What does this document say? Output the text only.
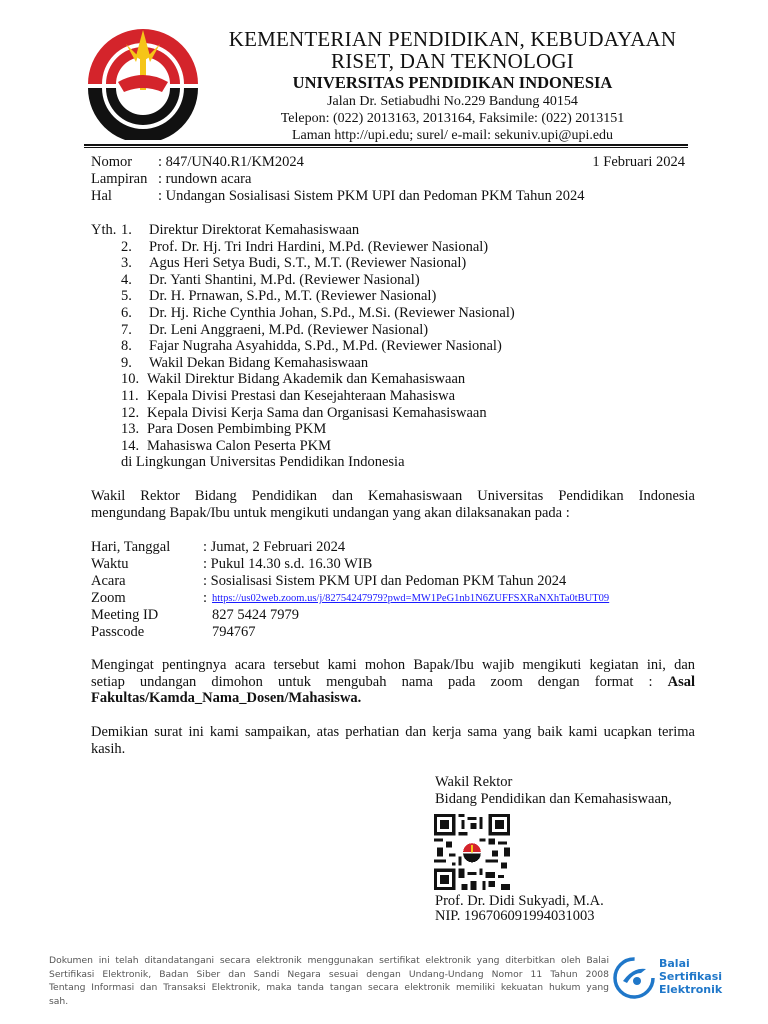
KEMENTERIAN PENDIDIKAN, KEBUDAYAAN
RISET, DAN TEKNOLOGI
UNIVERSITAS PENDIDIKAN INDONESIA
Jalan Dr. Setiabudhi No.229 Bandung 40154
Telepon: (022) 2013163, 2013164, Faksimile: (022) 2013151
Laman http://upi.edu; surel/ e-mail: sekuniv.upi@upi.edu
Nomor : 847/UN40.R1/KM2024	1 Februari 2024
Lampiran : rundown acara
Hal	: Undangan Sosialisasi Sistem PKM UPI dan Pedoman PKM Tahun 2024
Yth. 1.	Direktur Direktorat Kemahasiswaan
2.	Prof. Dr. Hj. Tri Indri Hardini, M.Pd. (Reviewer Nasional)
3.	Agus Heri Setya Budi, S.T., M.T. (Reviewer Nasional)
4.	Dr. Yanti Shantini, M.Pd. (Reviewer Nasional)
5.	Dr. H. Prnawan, S.Pd., M.T. (Reviewer Nasional)
6.	Dr. Hj. Riche Cynthia Johan, S.Pd., M.Si. (Reviewer Nasional)
7.	Dr. Leni Anggraeni, M.Pd. (Reviewer Nasional)
8.	Fajar Nugraha Asyahidda, S.Pd., M.Pd. (Reviewer Nasional)
9.	Wakil Dekan Bidang Kemahasiswaan
10. Wakil Direktur Bidang Akademik dan Kemahasiswaan
11. Kepala Divisi Prestasi dan Kesejahteraan Mahasiswa
12. Kepala Divisi Kerja Sama dan Organisasi Kemahasiswaan
13. Para Dosen Pembimbing PKM
14. Mahasiswa Calon Peserta PKM
di Lingkungan Universitas Pendidikan Indonesia
Wakil Rektor Bidang Pendidikan dan Kemahasiswaan Universitas Pendidikan Indonesia
mengundang Bapak/Ibu untuk mengikuti undangan yang akan dilaksanakan pada :
Hari, Tanggal : Jumat, 2 Februari 2024
Waktu	: Pukul 14.30 s.d. 16.30 WIB
Acara	: Sosialisasi Sistem PKM UPI dan Pedoman PKM Tahun 2024
Zoom	: https://us02web.zoom.us/j/82754247979?pwd=MW1PeG1nb1N6ZUFFSXRaNXhTa0tBUT09
Meeting ID	827 5424 7979
Passcode	794767
Mengingat pentingnya acara tersebut kami mohon Bapak/Ibu wajib mengikuti kegiatan ini, dan
setiap undangan dimohon untuk mengubah nama pada zoom dengan format : Asal
Fakultas/Kamda_Nama_Dosen/Mahasiswa.
Demikian surat ini kami sampaikan, atas perhatian dan kerja sama yang baik kami ucapkan terima
kasih.
Wakil Rektor
Bidang Pendidikan dan Kemahasiswaan,
Prof. Dr. Didi Sukyadi, M.A.
NIP. 196706091994031003
Dokumen ini telah ditandatangani secara elektronik menggunakan sertifikat elektronik yang diterbitkan oleh Balai
Sertifikasi Elektronik, Badan Siber dan Sandi Negara sesuai dengan Undang-Undang Nomor 11 Tahun 2008
Tentang Informasi dan Transaksi Elektronik, maka tanda tangan secara elektronik memiliki kekuatan hukum yang
sah.
Balai
Sertifikasi
Elektronik
